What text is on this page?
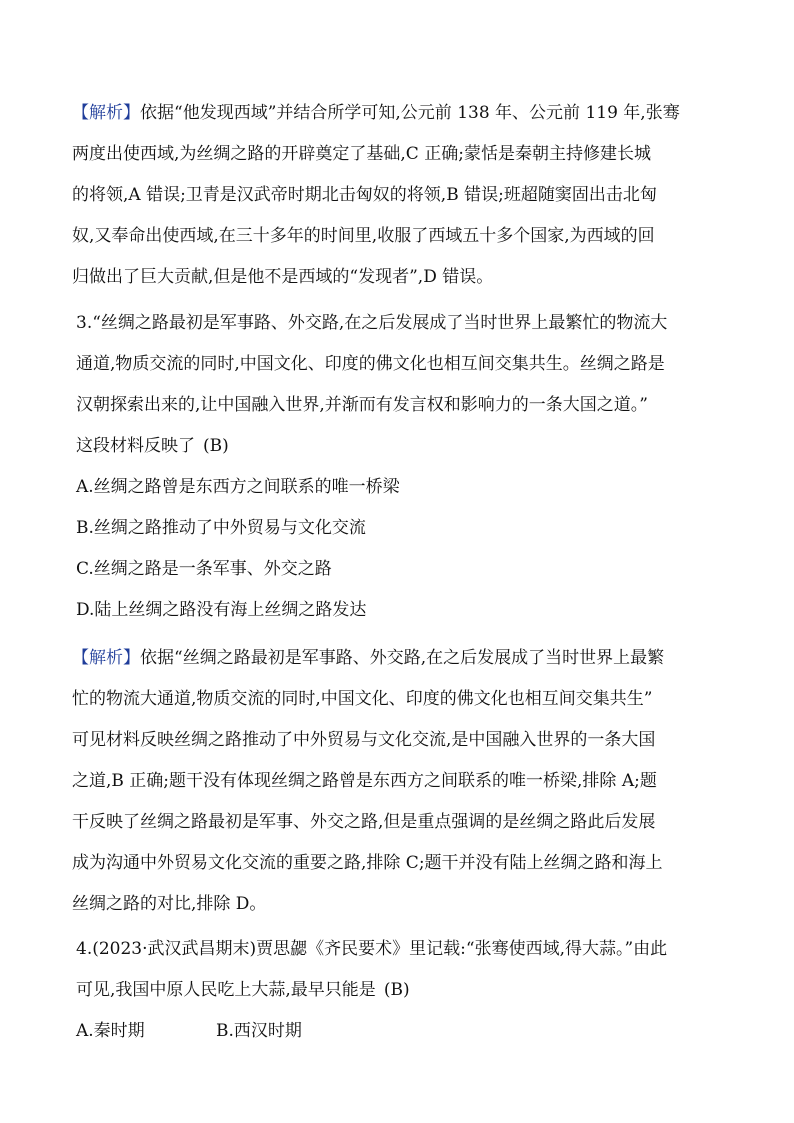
【解析】依据“他发现西域”并结合所学可知,公元前 138 年、公元前 119 年,张骞
两度出使西域,为丝绸之路的开辟奠定了基础,C 正确;蒙恬是秦朝主持修建长城
的将领,A 错误;卫青是汉武帝时期北击匈奴的将领,B 错误;班超随窦固出击北匈
奴,又奉命出使西域,在三十多年的时间里,收服了西域五十多个国家,为西域的回
归做出了巨大贡献,但是他不是西域的“发现者”,D 错误。
3.“丝绸之路最初是军事路、外交路,在之后发展成了当时世界上最繁忙的物流大
通道,物质交流的同时,中国文化、印度的佛文化也相互间交集共生。丝绸之路是
汉朝探索出来的,让中国融入世界,并渐而有发言权和影响力的一条大国之道。”
这段材料反映了 (B)
A.丝绸之路曾是东西方之间联系的唯一桥梁
B.丝绸之路推动了中外贸易与文化交流
C.丝绸之路是一条军事、外交之路
D.陆上丝绸之路没有海上丝绸之路发达
【解析】依据“丝绸之路最初是军事路、外交路,在之后发展成了当时世界上最繁
忙的物流大通道,物质交流的同时,中国文化、印度的佛文化也相互间交集共生”
可见材料反映丝绸之路推动了中外贸易与文化交流,是中国融入世界的一条大国
之道,B 正确;题干没有体现丝绸之路曾是东西方之间联系的唯一桥梁,排除 A;题
干反映了丝绸之路最初是军事、外交之路,但是重点强调的是丝绸之路此后发展
成为沟通中外贸易文化交流的重要之路,排除 C;题干并没有陆上丝绸之路和海上
丝绸之路的对比,排除 D。
4.(2023·武汉武昌期末)贾思勰《齐民要术》里记载:“张骞使西域,得大蒜。”由此
可见,我国中原人民吃上大蒜,最早只能是 (B)
A.秦时期	B.西汉时期
